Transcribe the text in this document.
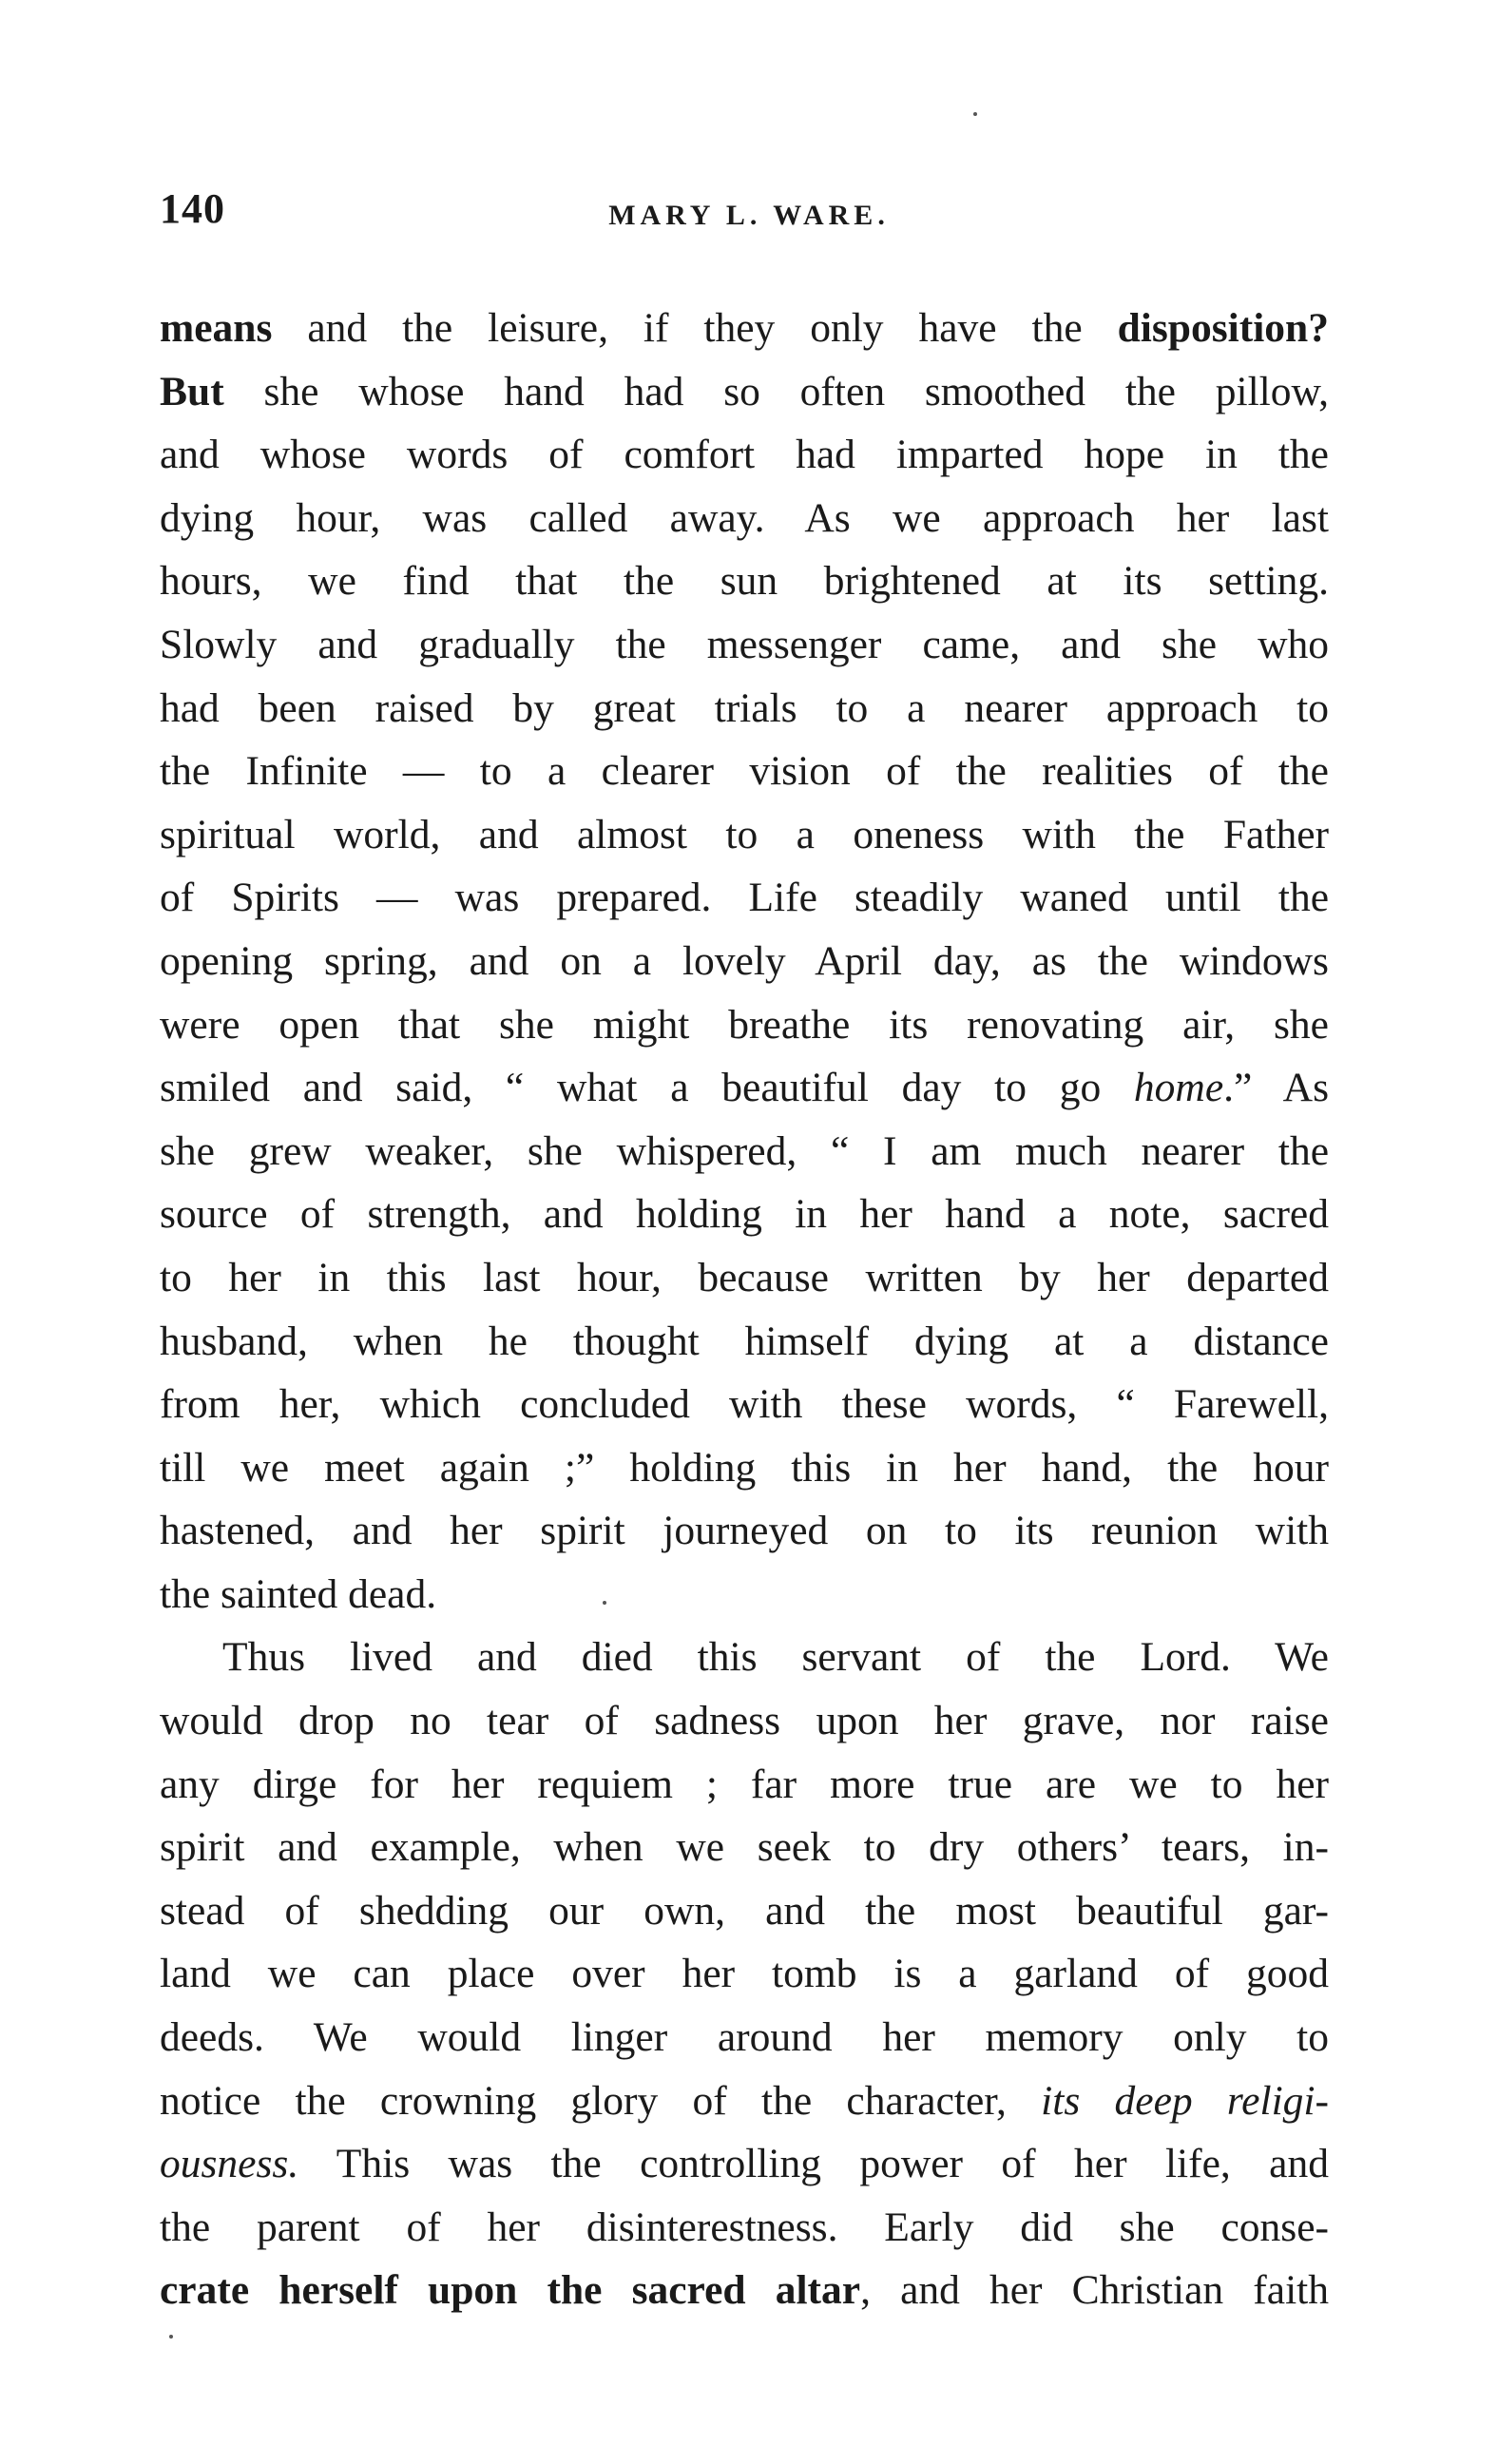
140	MARY L. WARE.
means and the leisure, if they only have the disposition?
But she whose hand had so often smoothed the pillow,
and whose words of comfort had imparted hope in the
dying hour, was called away. As we approach her last
hours, we find that the sun brightened at its setting.
Slowly and gradually the messenger came, and she who
had been raised by great trials to a nearer approach to
the Infinite — to a clearer vision of the realities of the
spiritual world, and almost to a oneness with the Father
of Spirits — was prepared. Life steadily waned until the
opening spring, and on a lovely April day, as the windows
were open that she might breathe its renovating air, she
smiled and said, “ what a beautiful day to go home.” As
she grew weaker, she whispered, “ I am much nearer the
source of strength, and holding in her hand a note, sacred
to her in this last hour, because written by her departed
husband, when he thought himself dying at a distance
from her, which concluded with these words, “ Farewell,
till we meet again ;” holding this in her hand, the hour
hastened, and her spirit journeyed on to its reunion with
the sainted dead.
Thus lived and died this servant of the Lord. We
would drop no tear of sadness upon her grave, nor raise
any dirge for her requiem ; far more true are we to her
spirit and example, when we seek to dry others’ tears, in-
stead of shedding our own, and the most beautiful gar-
land we can place over her tomb is a garland of good
deeds. We would linger around her memory only to
notice the crowning glory of the character, its deep religi-
ousness. This was the controlling power of her life, and
the parent of her disinterestness. Early did she conse-
crate herself upon the sacred altar, and her Christian faith
